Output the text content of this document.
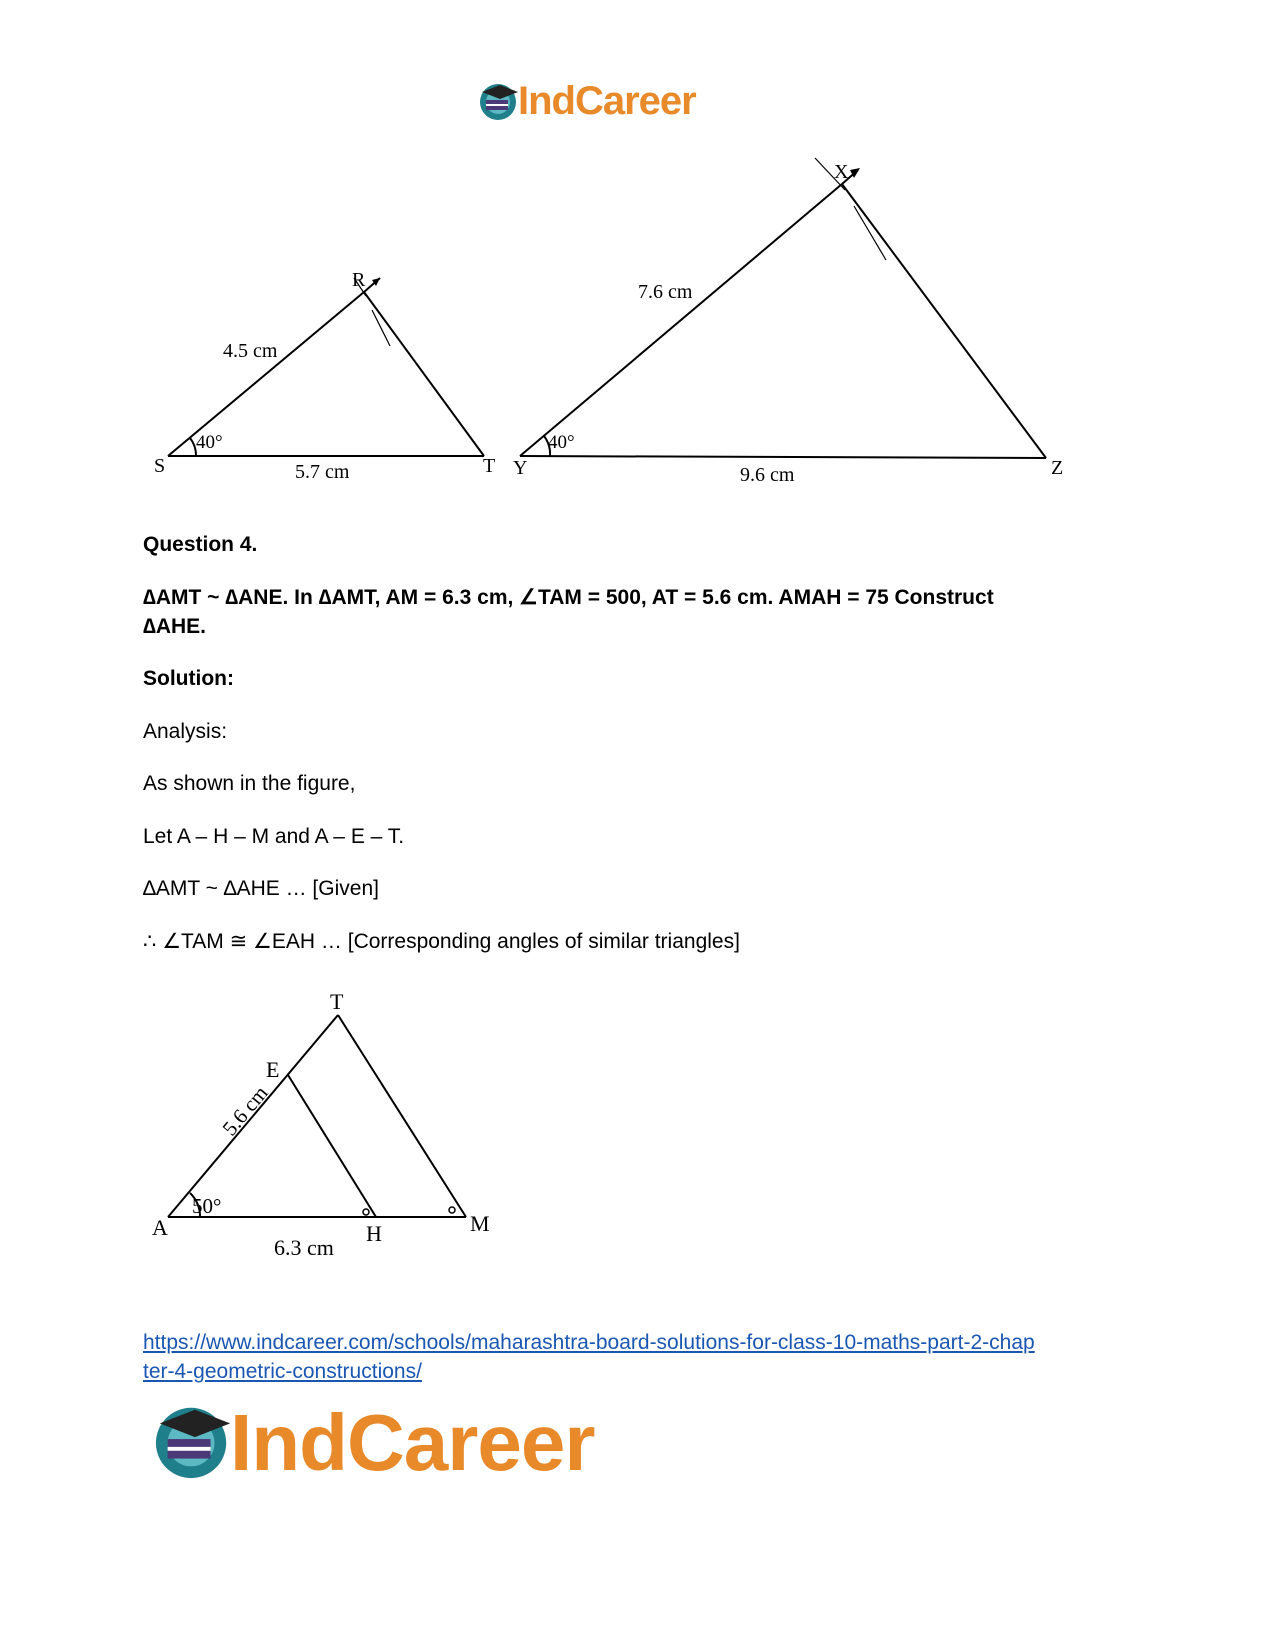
IndCareer
S	T
R
4.5 cm
5.7 cm
40°
Y	Z
X
7.6 cm
9.6 cm
40°
Question 4.
∆AMT ~ ∆ANE. In ∆AMT, AM = 6.3 cm, ∠TAM = 500, AT = 5.6 cm. AMAH = 75 Construct
∆AHE.
Solution:
Analysis:
As shown in the figure,
Let A – H – M and A – E – T.
∆AMT ~ ∆AHE … [Given]
∴ ∠TAM ≅ ∠EAH … [Corresponding angles of similar triangles]
A	H	M
T
E
5.6 cm
6.3 cm
50°
https://www.indcareer.com/schools/maharashtra-board-solutions-for-class-10-maths-part-2-chap
ter-4-geometric-constructions/
IndCareer
